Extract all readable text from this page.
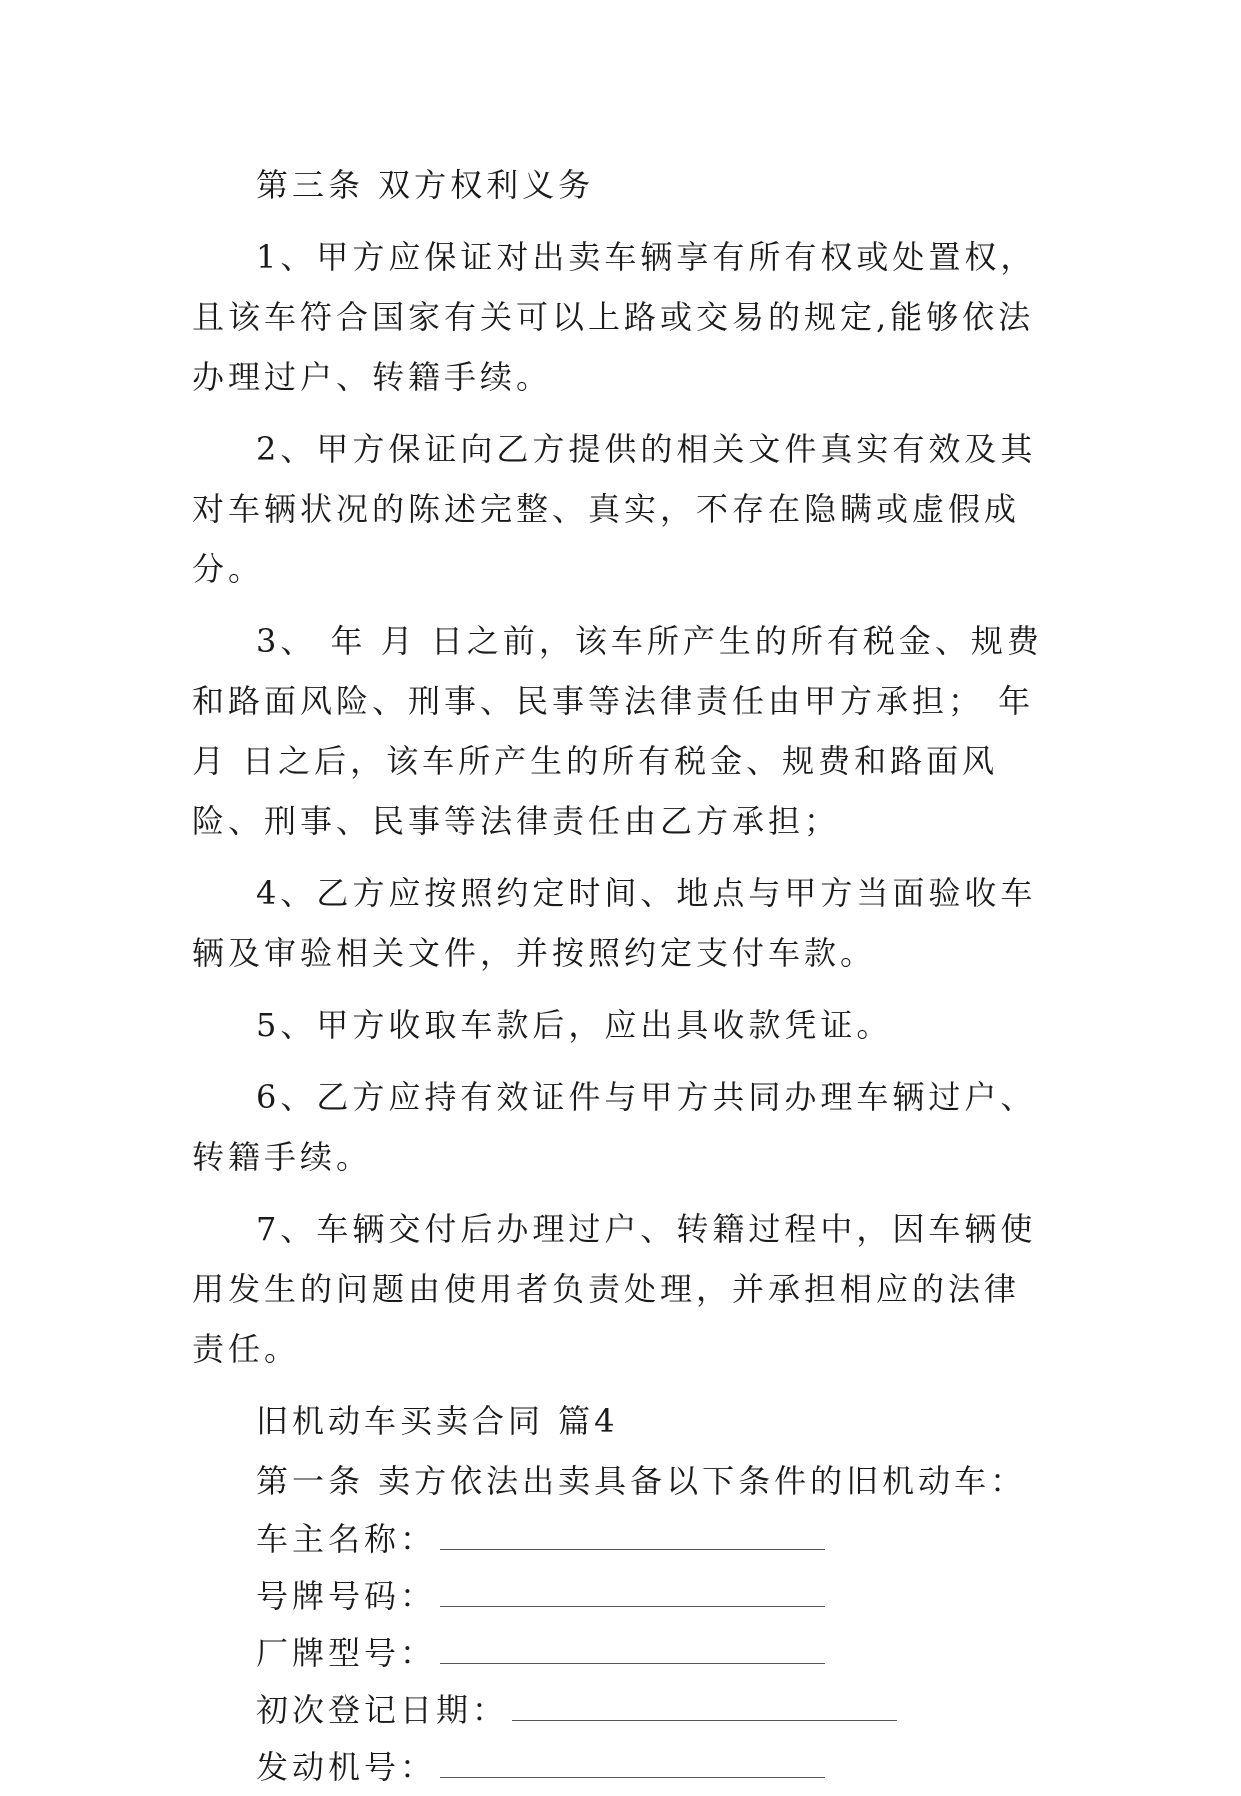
第三条 双方权利义务

1、甲方应保证对出卖车辆享有所有权或处置权，且该车符合国家有关可以上路或交易的规定,能够依法办理过户、转籍手续。

2、甲方保证向乙方提供的相关文件真实有效及其对车辆状况的陈述完整、真实，不存在隐瞒或虚假成分。

3、 年 月 日之前，该车所产生的所有税金、规费和路面风险、刑事、民事等法律责任由甲方承担； 年 月 日之后，该车所产生的所有税金、规费和路面风险、刑事、民事等法律责任由乙方承担；

4、乙方应按照约定时间、地点与甲方当面验收车辆及审验相关文件，并按照约定支付车款。

5、甲方收取车款后，应出具收款凭证。

6、乙方应持有效证件与甲方共同办理车辆过户、转籍手续。

7、车辆交付后办理过户、转籍过程中，因车辆使用发生的问题由使用者负责处理，并承担相应的法律责任。

旧机动车买卖合同 篇4

第一条 卖方依法出卖具备以下条件的旧机动车：

车主名称：
号牌号码：
厂牌型号：
初次登记日期：
发动机号：
